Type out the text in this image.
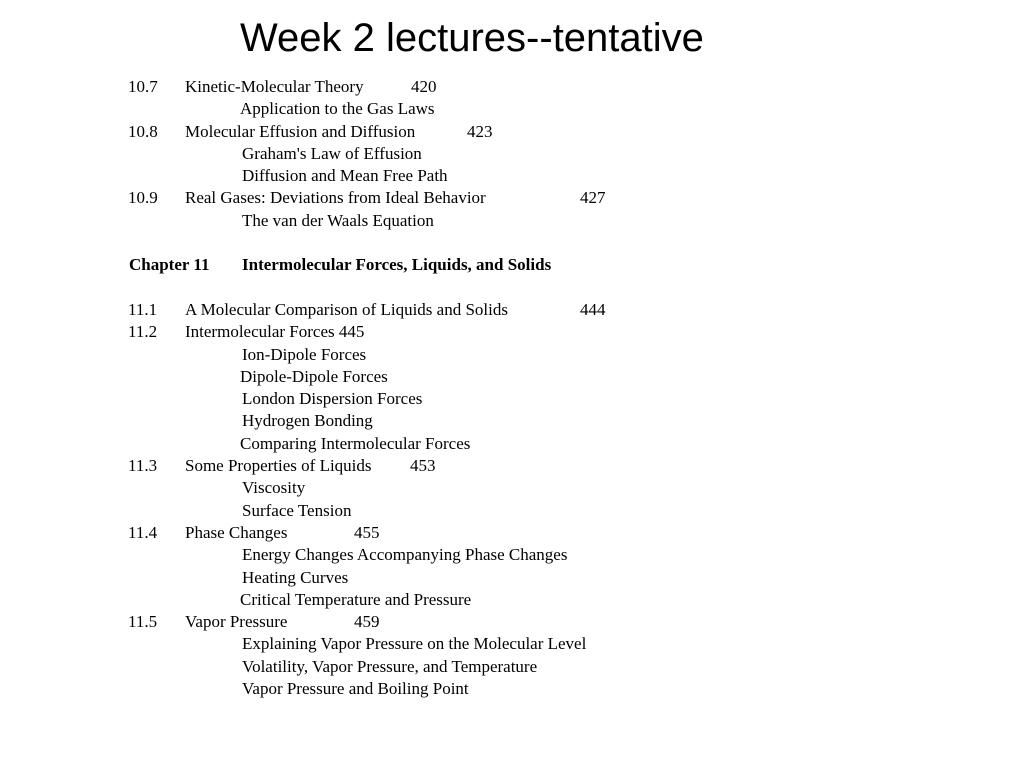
Week 2 lectures--tentative
10.7 Kinetic-Molecular Theory	420
Application to the Gas Laws
10.8 Molecular Effusion and Diffusion	423
Graham's Law of Effusion
Diffusion and Mean Free Path
10.9 Real Gases: Deviations from Ideal Behavior	427
The van der Waals Equation
Chapter 11 Intermolecular Forces, Liquids, and Solids
11.1 A Molecular Comparison of Liquids and Solids	444
11.2 Intermolecular Forces 445
Ion-Dipole Forces
Dipole-Dipole Forces
London Dispersion Forces
Hydrogen Bonding
Comparing Intermolecular Forces
11.3 Some Properties of Liquids 453
Viscosity
Surface Tension
11.4 Phase Changes	455
Energy Changes Accompanying Phase Changes
Heating Curves
Critical Temperature and Pressure
11.5 Vapor Pressure	459
Explaining Vapor Pressure on the Molecular Level
Volatility, Vapor Pressure, and Temperature
Vapor Pressure and Boiling Point
